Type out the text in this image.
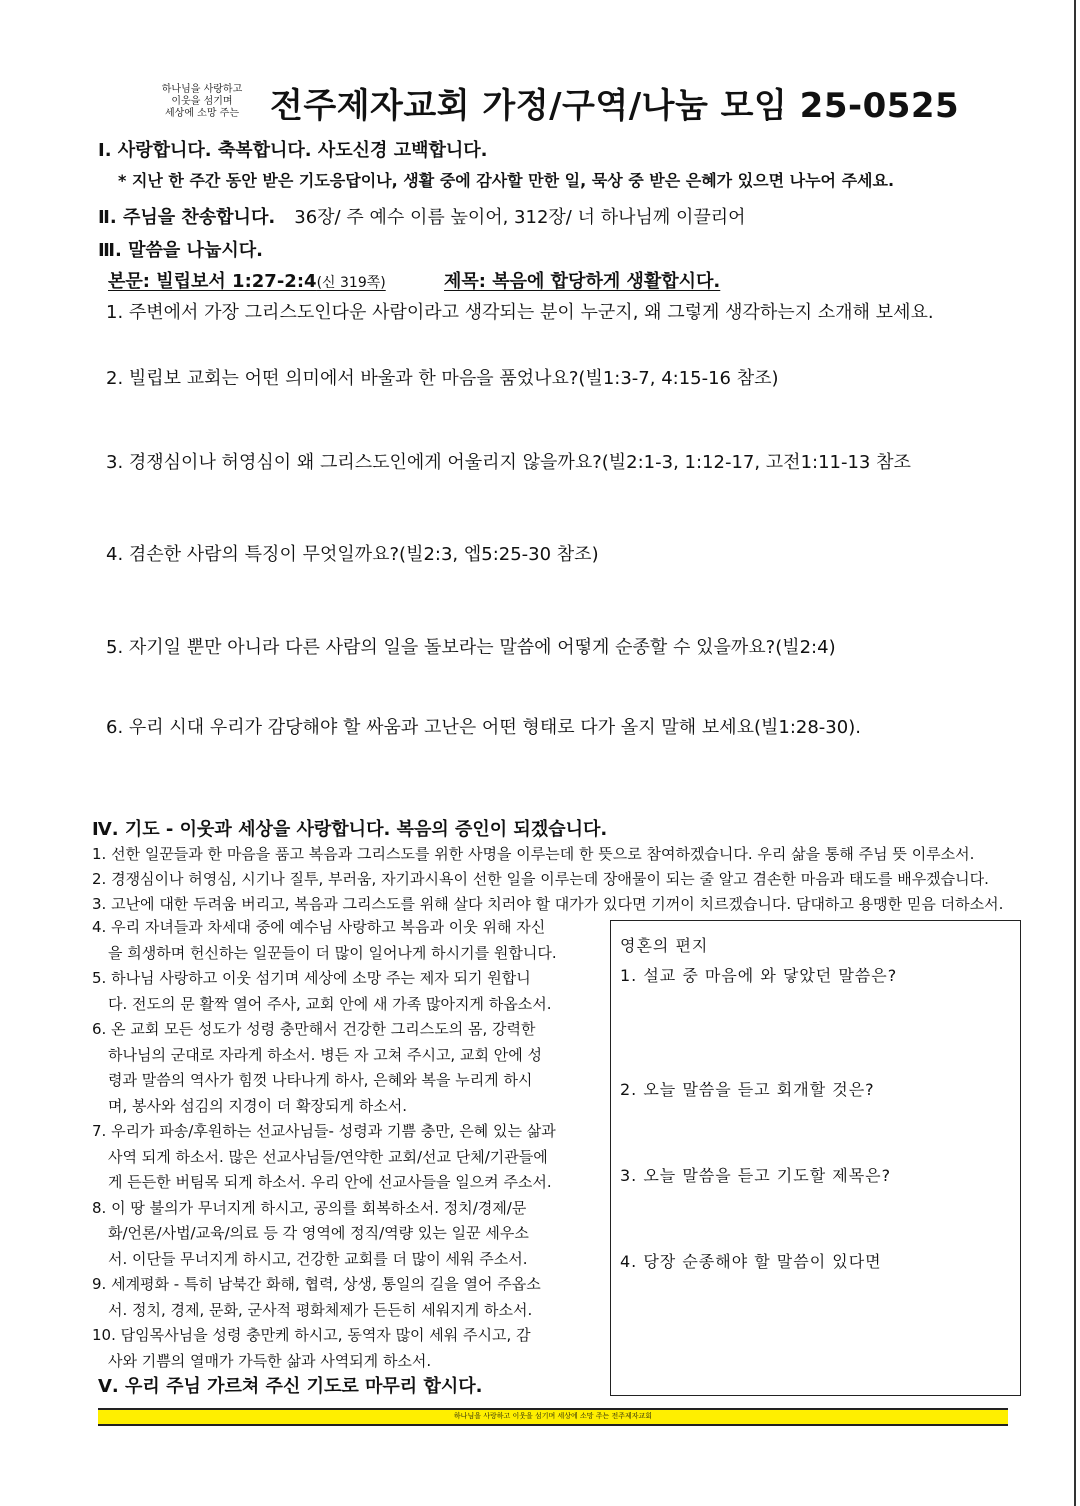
하나님을 사랑하고
이웃을 섬기며
세상에 소망 주는 전주제자교회 가정/구역/나눔 모임 25-0525
Ⅰ. 사랑합니다. 축복합니다. 사도신경 고백합니다.
* 지난 한 주간 동안 받은 기도응답이나, 생활 중에 감사할 만한 일, 묵상 중 받은 은혜가 있으면 나누어 주세요.
Ⅱ. 주님을 찬송합니다. 36장/ 주 예수 이름 높이어, 312장/ 너 하나님께 이끌리어
Ⅲ. 말씀을 나눕시다.
본문: 빌립보서 1:27-2:4(신 319쪽)	제목: 복음에 합당하게 생활합시다.
1. 주변에서 가장 그리스도인다운 사람이라고 생각되는 분이 누군지, 왜 그렇게 생각하는지 소개해 보세요.
2. 빌립보 교회는 어떤 의미에서 바울과 한 마음을 품었나요?(빌1:3-7, 4:15-16 참조)
3. 경쟁심이나 허영심이 왜 그리스도인에게 어울리지 않을까요?(빌2:1-3, 1:12-17, 고전1:11-13 참조
4. 겸손한 사람의 특징이 무엇일까요?(빌2:3, 엡5:25-30 참조)
5. 자기일 뿐만 아니라 다른 사람의 일을 돌보라는 말씀에 어떻게 순종할 수 있을까요?(빌2:4)
6. 우리 시대 우리가 감당해야 할 싸움과 고난은 어떤 형태로 다가 올지 말해 보세요(빌1:28-30).
Ⅳ. 기도 - 이웃과 세상을 사랑합니다. 복음의 증인이 되겠습니다.
1. 선한 일꾼들과 한 마음을 품고 복음과 그리스도를 위한 사명을 이루는데 한 뜻으로 참여하겠습니다. 우리 삶을 통해 주님 뜻 이루소서.
2. 경쟁심이나 허영심, 시기나 질투, 부러움, 자기과시욕이 선한 일을 이루는데 장애물이 되는 줄 알고 겸손한 마음과 태도를 배우겠습니다.
3. 고난에 대한 두려움 버리고, 복음과 그리스도를 위해 살다 치러야 할 대가가 있다면 기꺼이 치르겠습니다. 담대하고 용맹한 믿음 더하소서.
4. 우리 자녀들과 차세대 중에 예수님 사랑하고 복음과 이웃 위해 자신
을 희생하며 헌신하는 일꾼들이 더 많이 일어나게 하시기를 원합니다.
5. 하나님 사랑하고 이웃 섬기며 세상에 소망 주는 제자 되기 원합니
다. 전도의 문 활짝 열어 주사, 교회 안에 새 가족 많아지게 하옵소서.
6. 온 교회 모든 성도가 성령 충만해서 건강한 그리스도의 몸, 강력한
하나님의 군대로 자라게 하소서. 병든 자 고쳐 주시고, 교회 안에 성
령과 말씀의 역사가 힘껏 나타나게 하사, 은혜와 복을 누리게 하시
며, 봉사와 섬김의 지경이 더 확장되게 하소서.
7. 우리가 파송/후원하는 선교사님들- 성령과 기쁨 충만, 은혜 있는 삶과
사역 되게 하소서. 많은 선교사님들/연약한 교회/선교 단체/기관들에
게 든든한 버팀목 되게 하소서. 우리 안에 선교사들을 일으켜 주소서.
8. 이 땅 불의가 무너지게 하시고, 공의를 회복하소서. 정치/경제/문
화/언론/사법/교육/의료 등 각 영역에 정직/역량 있는 일꾼 세우소
서. 이단들 무너지게 하시고, 건강한 교회를 더 많이 세워 주소서.
9. 세계평화 - 특히 남북간 화해, 협력, 상생, 통일의 길을 열어 주옵소
서. 정치, 경제, 문화, 군사적 평화체제가 든든히 세워지게 하소서.
10. 담임목사님을 성령 충만케 하시고, 동역자 많이 세워 주시고, 감
사와 기쁨의 열매가 가득한 삶과 사역되게 하소서.
Ⅴ. 우리 주님 가르쳐 주신 기도로 마무리 합시다.
영혼의 편지
1. 설교 중 마음에 와 닿았던 말씀은?
2. 오늘 말씀을 듣고 회개할 것은?
3. 오늘 말씀을 듣고 기도할 제목은?
4. 당장 순종해야 할 말씀이 있다면
하나님을 사랑하고 이웃을 섬기며 세상에 소망 주는 전주제자교회
